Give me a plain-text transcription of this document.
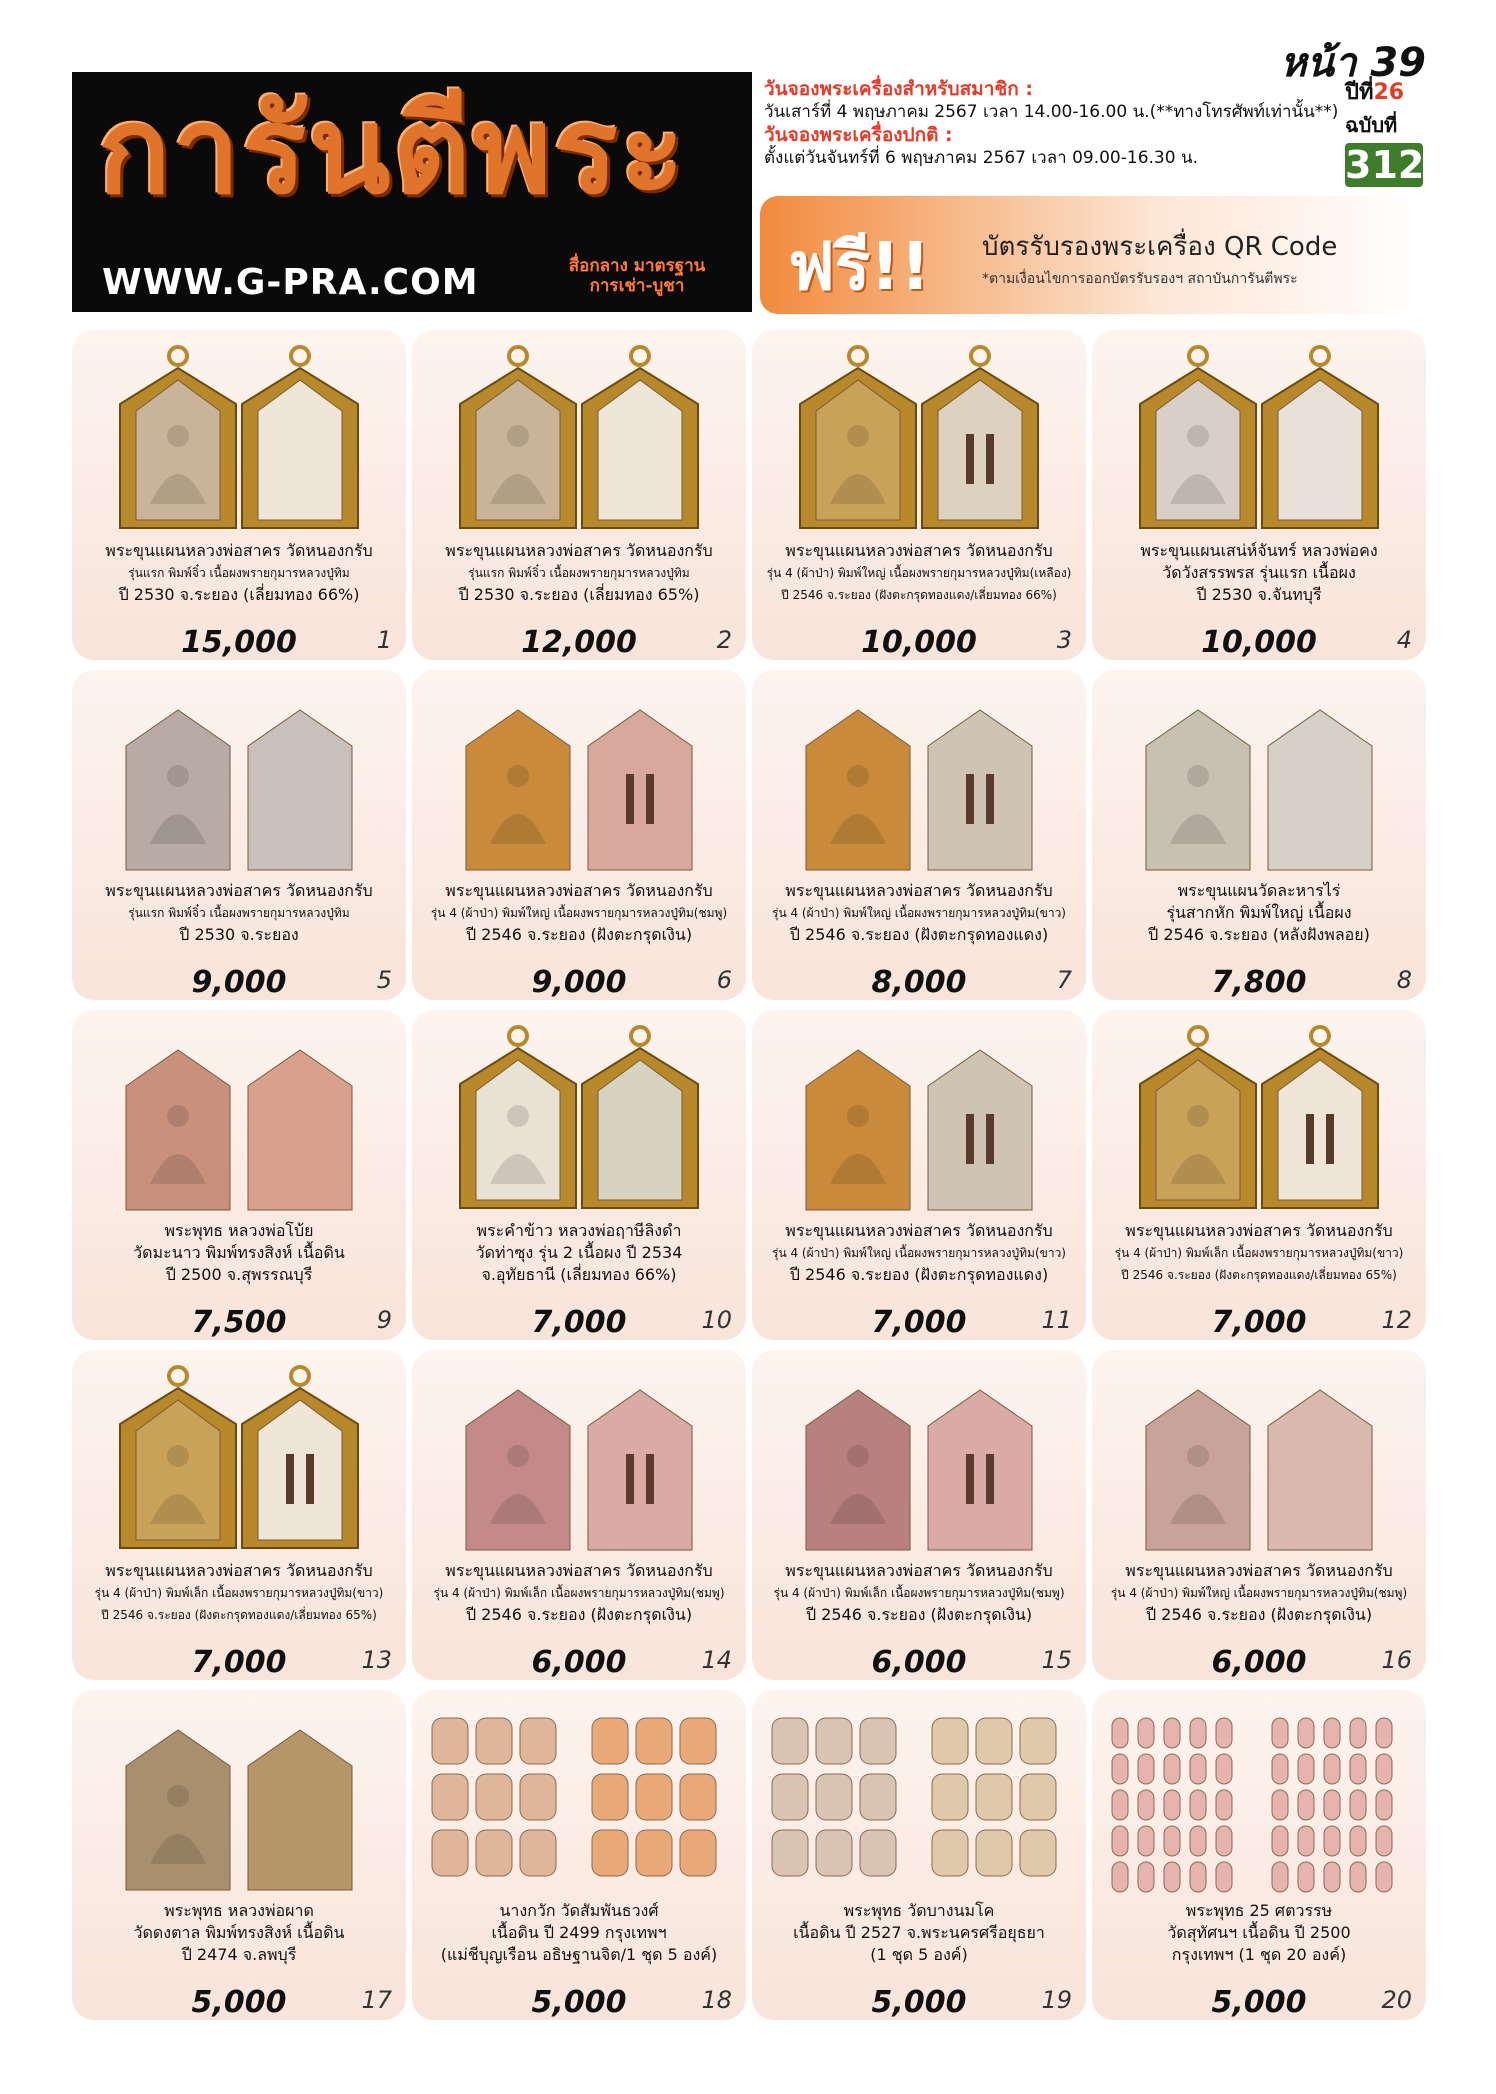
หน้า 39
การันตีพระ
WWW.G-PRA.COM	สื่อกลาง มาตรฐาน
การเช่า-บูชา
วันจองพระเครื่องสำหรับสมาชิก :
วันเสาร์ที่ 4 พฤษภาคม 2567 เวลา 14.00-16.00 น.(**ทางโทรศัพท์เท่านั้น**)
วันจองพระเครื่องปกติ :
ตั้งแต่วันจันทร์ที่ 6 พฤษภาคม 2567 เวลา 09.00-16.30 น.
ปีที่26
ฉบับที่
312
ฟรี!! บัตรรับรองพระเครื่อง QR Code
*ตามเงื่อนไขการออกบัตรรับรองฯ สถาบันการันตีพระ
พระขุนแผนหลวงพ่อสาคร วัดหนองกรับ
รุ่นแรก พิมพ์จิ๋ว เนื้อผงพรายกุมารหลวงปู่ทิม
ปี 2530 จ.ระยอง (เลี่ยมทอง 66%)
15,000	1
พระขุนแผนหลวงพ่อสาคร วัดหนองกรับ
รุ่นแรก พิมพ์จิ๋ว เนื้อผงพรายกุมารหลวงปู่ทิม
ปี 2530 จ.ระยอง (เลี่ยมทอง 65%)
12,000	2
พระขุนแผนหลวงพ่อสาคร วัดหนองกรับ
รุ่น 4 (ผ้าป่า) พิมพ์ใหญ่ เนื้อผงพรายกุมารหลวงปู่ทิม(เหลือง)
ปี 2546 จ.ระยอง (ฝังตะกรุดทองแดง/เลี่ยมทอง 66%)
10,000	3
พระขุนแผนเสน่ห์จันทร์ หลวงพ่อคง
วัดวังสรรพรส รุ่นแรก เนื้อผง
ปี 2530 จ.จันทบุรี
10,000	4
พระขุนแผนหลวงพ่อสาคร วัดหนองกรับ
รุ่นแรก พิมพ์จิ๋ว เนื้อผงพรายกุมารหลวงปู่ทิม
ปี 2530 จ.ระยอง
9,000	5
พระขุนแผนหลวงพ่อสาคร วัดหนองกรับ
รุ่น 4 (ผ้าป่า) พิมพ์ใหญ่ เนื้อผงพรายกุมารหลวงปู่ทิม(ชมพู)
ปี 2546 จ.ระยอง (ฝังตะกรุดเงิน)
9,000	6
พระขุนแผนหลวงพ่อสาคร วัดหนองกรับ
รุ่น 4 (ผ้าป่า) พิมพ์ใหญ่ เนื้อผงพรายกุมารหลวงปู่ทิม(ขาว)
ปี 2546 จ.ระยอง (ฝังตะกรุดทองแดง)
8,000	7
พระขุนแผนวัดละหารไร่
รุ่นสากหัก พิมพ์ใหญ่ เนื้อผง
ปี 2546 จ.ระยอง (หลังฝังพลอย)
7,800	8
พระพุทธ หลวงพ่อโบ้ย
วัดมะนาว พิมพ์ทรงสิงห์ เนื้อดิน
ปี 2500 จ.สุพรรณบุรี
7,500	9
พระคำข้าว หลวงพ่อฤาษีลิงดำ
วัดท่าซุง รุ่น 2 เนื้อผง ปี 2534
จ.อุทัยธานี (เลี่ยมทอง 66%)
7,000	10
พระขุนแผนหลวงพ่อสาคร วัดหนองกรับ
รุ่น 4 (ผ้าป่า) พิมพ์ใหญ่ เนื้อผงพรายกุมารหลวงปู่ทิม(ขาว)
ปี 2546 จ.ระยอง (ฝังตะกรุดทองแดง)
7,000	11
พระขุนแผนหลวงพ่อสาคร วัดหนองกรับ
รุ่น 4 (ผ้าป่า) พิมพ์เล็ก เนื้อผงพรายกุมารหลวงปู่ทิม(ขาว)
ปี 2546 จ.ระยอง (ฝังตะกรุดทองแดง/เลี่ยมทอง 65%)
7,000	12
พระขุนแผนหลวงพ่อสาคร วัดหนองกรับ
รุ่น 4 (ผ้าป่า) พิมพ์เล็ก เนื้อผงพรายกุมารหลวงปู่ทิม(ขาว)
ปี 2546 จ.ระยอง (ฝังตะกรุดทองแดง/เลี่ยมทอง 65%)
7,000	13
พระขุนแผนหลวงพ่อสาคร วัดหนองกรับ
รุ่น 4 (ผ้าป่า) พิมพ์เล็ก เนื้อผงพรายกุมารหลวงปู่ทิม(ชมพู)
ปี 2546 จ.ระยอง (ฝังตะกรุดเงิน)
6,000	14
พระขุนแผนหลวงพ่อสาคร วัดหนองกรับ
รุ่น 4 (ผ้าป่า) พิมพ์เล็ก เนื้อผงพรายกุมารหลวงปู่ทิม(ชมพู)
ปี 2546 จ.ระยอง (ฝังตะกรุดเงิน)
6,000	15
พระขุนแผนหลวงพ่อสาคร วัดหนองกรับ
รุ่น 4 (ผ้าป่า) พิมพ์ใหญ่ เนื้อผงพรายกุมารหลวงปู่ทิม(ชมพู)
ปี 2546 จ.ระยอง (ฝังตะกรุดเงิน)
6,000	16
พระพุทธ หลวงพ่อผาด
วัดดงตาล พิมพ์ทรงสิงห์ เนื้อดิน
ปี 2474 จ.ลพบุรี
5,000	17
นางกวัก วัดสัมพันธวงศ์
เนื้อดิน ปี 2499 กรุงเทพฯ
(แม่ชีบุญเรือน อธิษฐานจิต/1 ชุด 5 องค์)
5,000	18
พระพุทธ วัดบางนมโค
เนื้อดิน ปี 2527 จ.พระนครศรีอยุธยา
(1 ชุด 5 องค์)
5,000	19
พระพุทธ 25 ศตวรรษ
วัดสุทัศนฯ เนื้อดิน ปี 2500
กรุงเทพฯ (1 ชุด 20 องค์)
5,000	20
